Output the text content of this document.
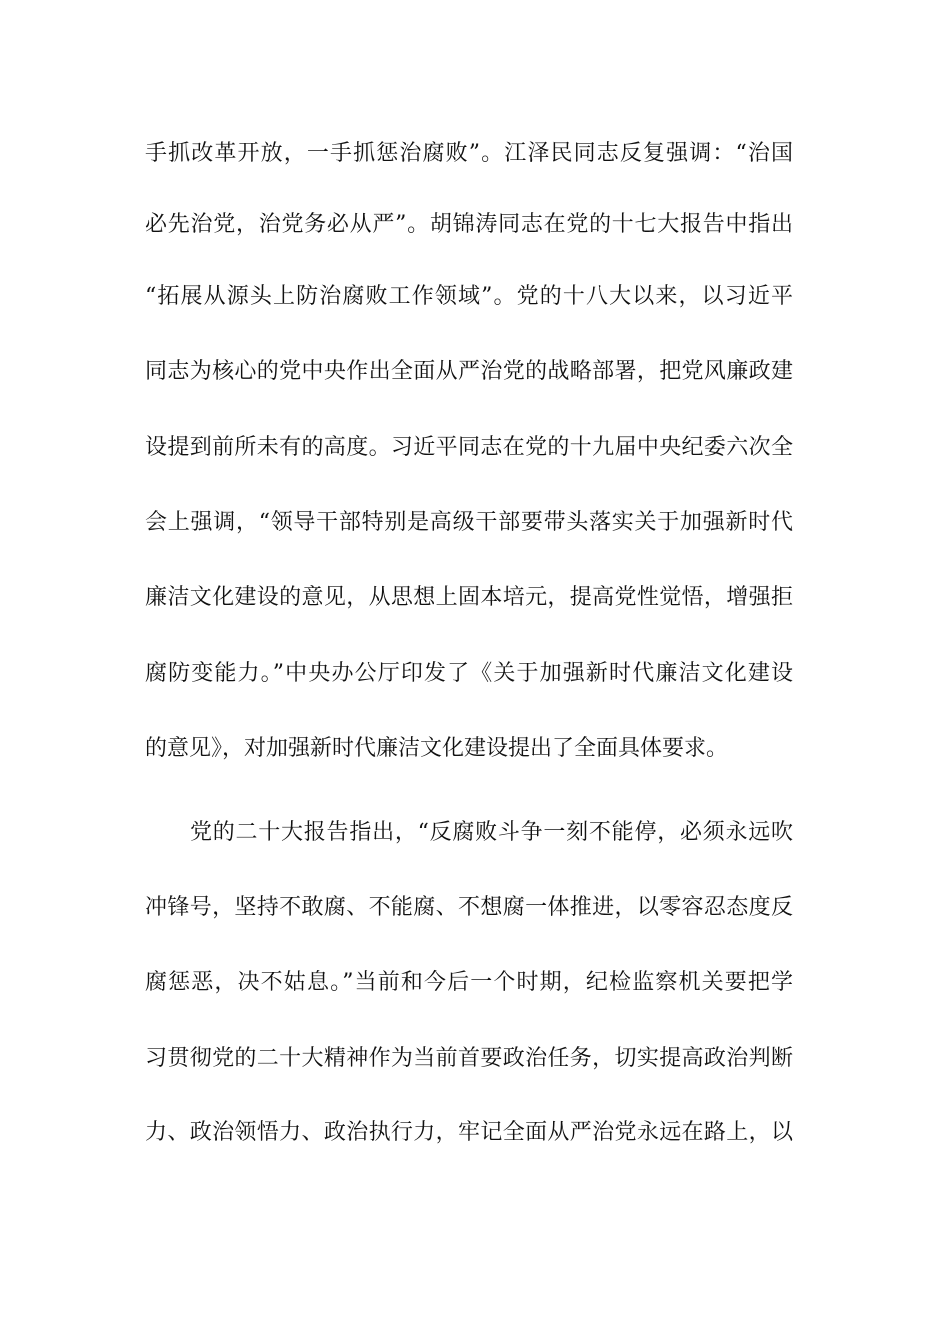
手抓改革开放，一手抓惩治腐败”。江泽民同志反复强调：“治国
必先治党，治党务必从严”。胡锦涛同志在党的十七大报告中指出
“拓展从源头上防治腐败工作领域”。党的十八大以来，以习近平
同志为核心的党中央作出全面从严治党的战略部署，把党风廉政建
设提到前所未有的高度。习近平同志在党的十九届中央纪委六次全
会上强调，“领导干部特别是高级干部要带头落实关于加强新时代
廉洁文化建设的意见，从思想上固本培元，提高党性觉悟，增强拒
腐防变能力。”中央办公厅印发了《关于加强新时代廉洁文化建设
的意见》，对加强新时代廉洁文化建设提出了全面具体要求。
党的二十大报告指出，“反腐败斗争一刻不能停，必须永远吹
冲锋号，坚持不敢腐、不能腐、不想腐一体推进，以零容忍态度反
腐惩恶，决不姑息。”当前和今后一个时期，纪检监察机关要把学
习贯彻党的二十大精神作为当前首要政治任务，切实提高政治判断
力、政治领悟力、政治执行力，牢记全面从严治党永远在路上，以
